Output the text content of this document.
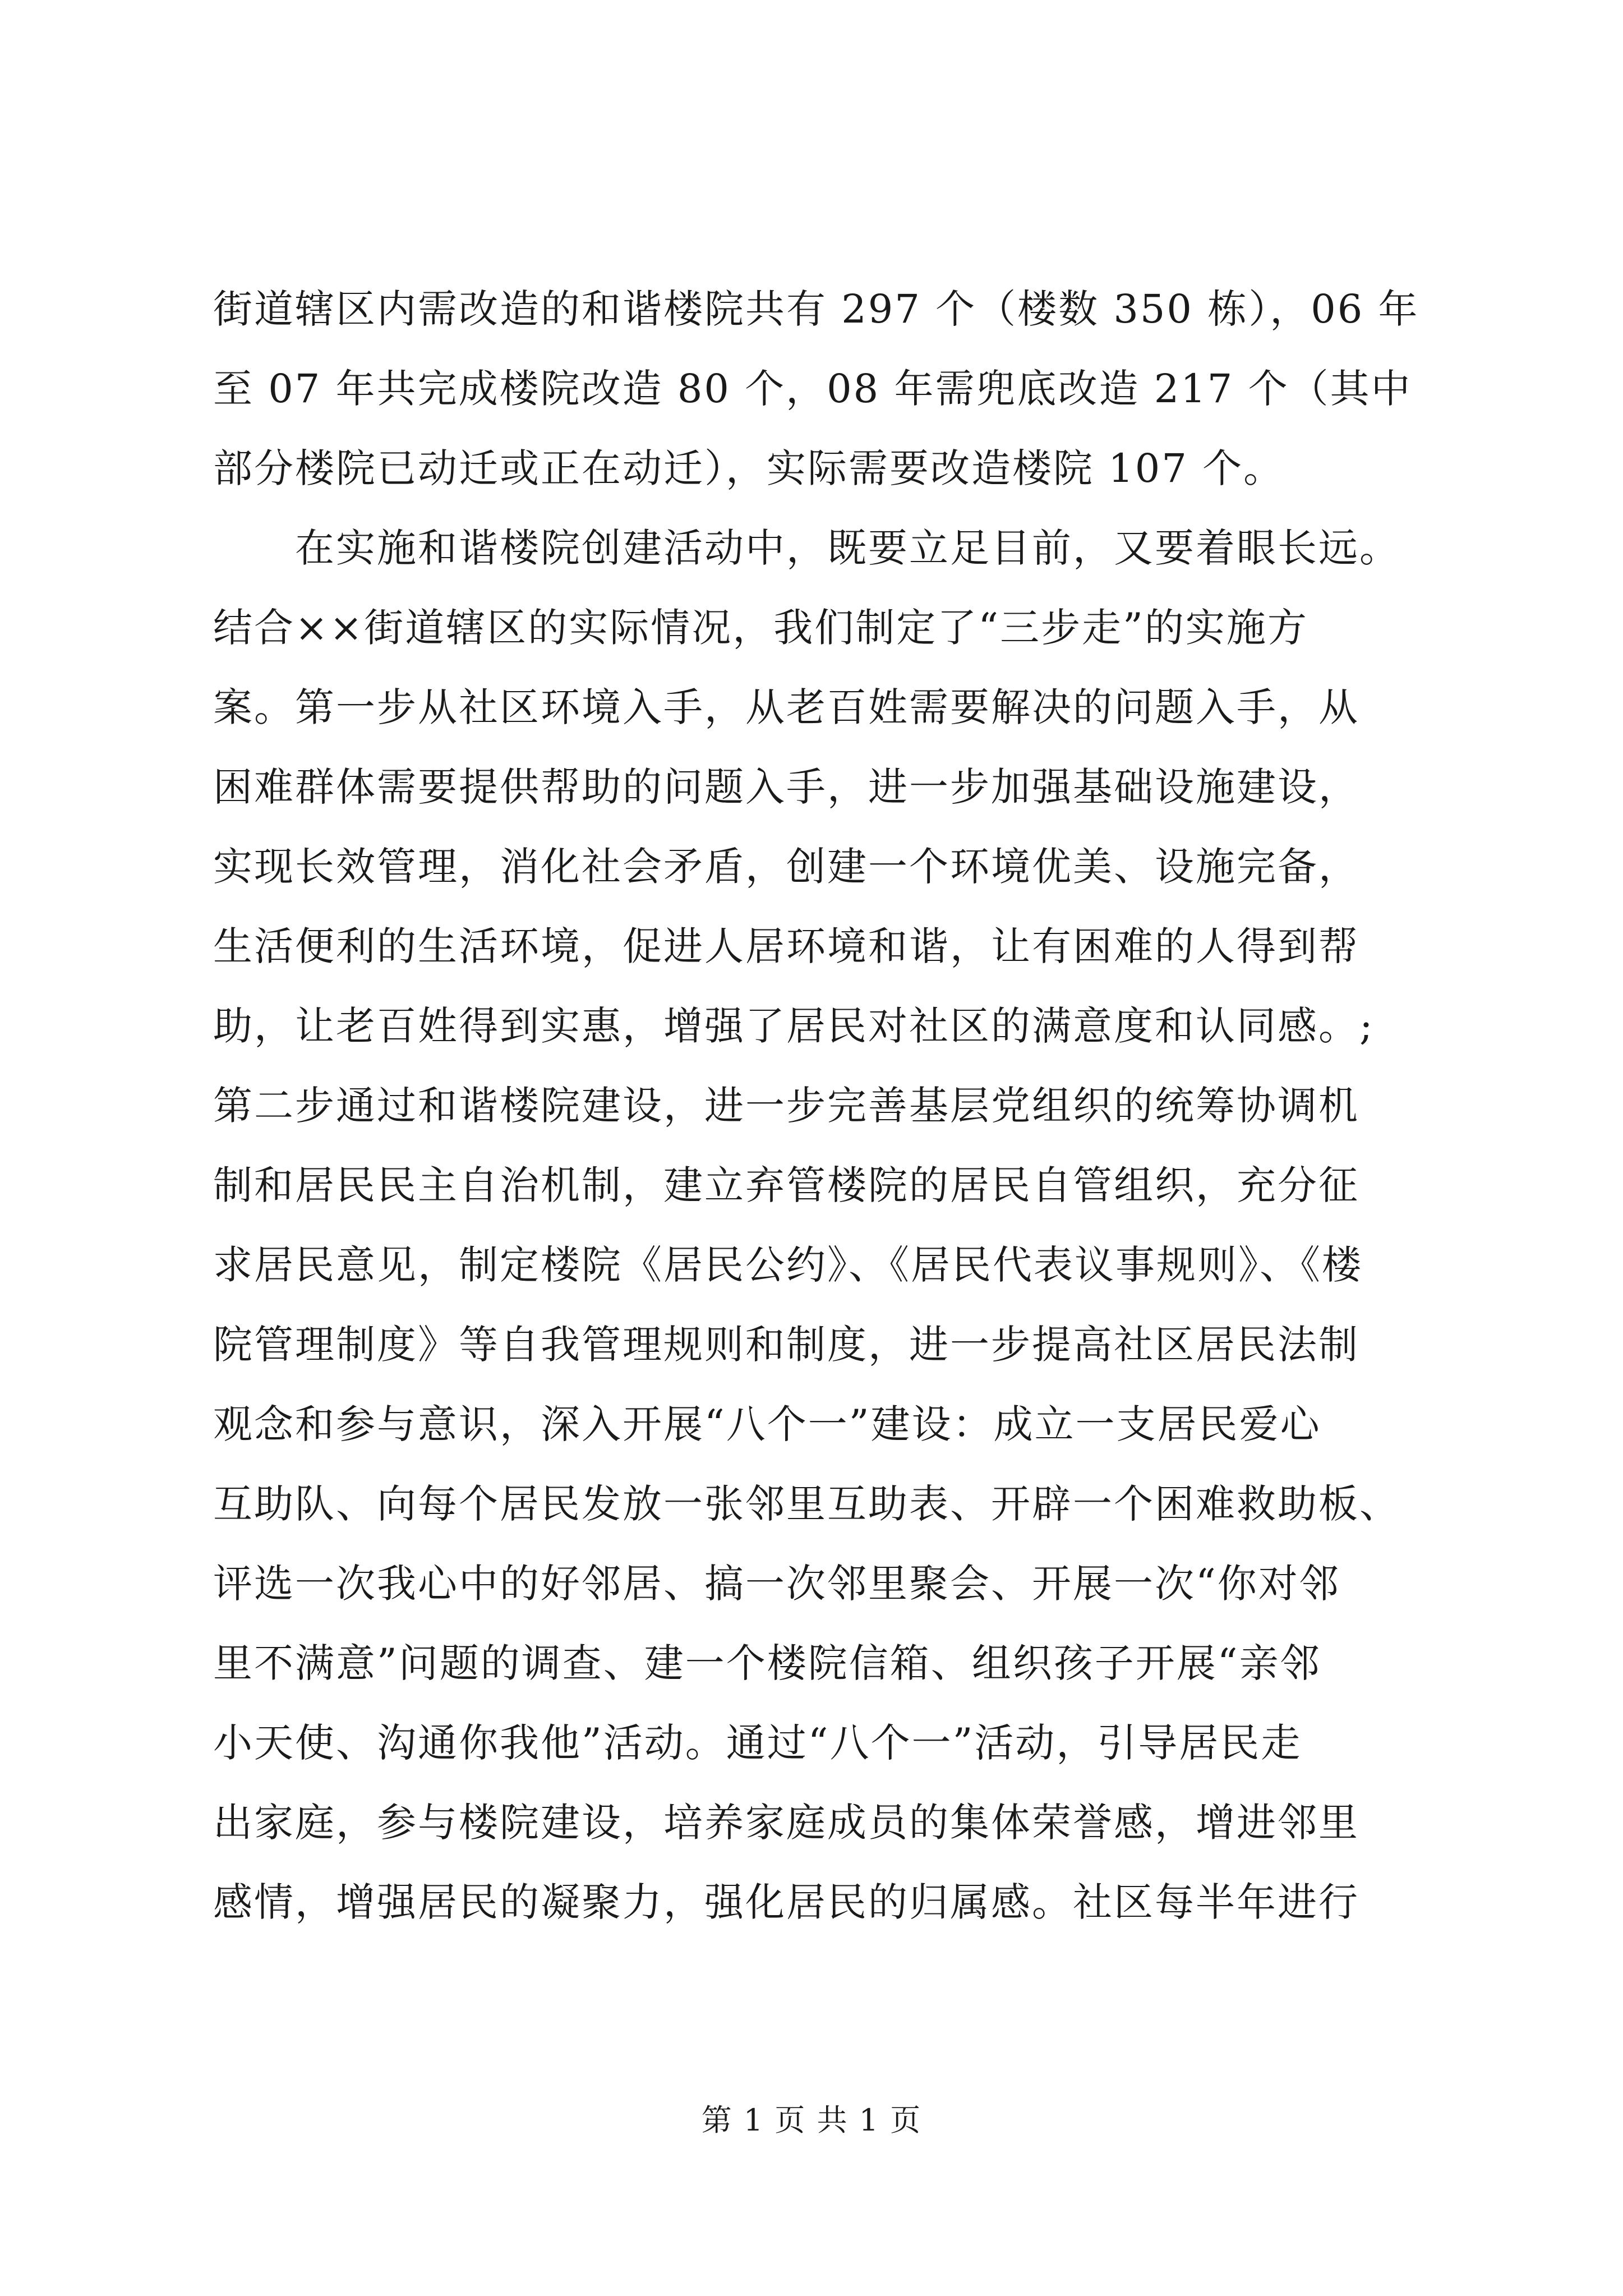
街道辖区内需改造的和谐楼院共有 297 个（楼数 350 栋），06 年
至 07 年共完成楼院改造 80 个，08 年需兜底改造 217 个（其中
部分楼院已动迁或正在动迁），实际需要改造楼院 107 个。
　　在实施和谐楼院创建活动中，既要立足目前，又要着眼长远。
结合××街道辖区的实际情况，我们制定了“三步走”的实施方
案。第一步从社区环境入手，从老百姓需要解决的问题入手，从
困难群体需要提供帮助的问题入手，进一步加强基础设施建设，
实现长效管理，消化社会矛盾，创建一个环境优美、设施完备，
生活便利的生活环境，促进人居环境和谐，让有困难的人得到帮
助，让老百姓得到实惠，增强了居民对社区的满意度和认同感。;
第二步通过和谐楼院建设，进一步完善基层党组织的统筹协调机
制和居民民主自治机制，建立弃管楼院的居民自管组织，充分征
求居民意见，制定楼院《居民公约》、《居民代表议事规则》、《楼
院管理制度》等自我管理规则和制度，进一步提高社区居民法制
观念和参与意识，深入开展“八个一”建设：成立一支居民爱心
互助队、向每个居民发放一张邻里互助表、开辟一个困难救助板、
评选一次我心中的好邻居、搞一次邻里聚会、开展一次“你对邻
里不满意”问题的调查、建一个楼院信箱、组织孩子开展“亲邻
小天使、沟通你我他”活动。通过“八个一”活动，引导居民走
出家庭，参与楼院建设，培养家庭成员的集体荣誉感，增进邻里
感情，增强居民的凝聚力，强化居民的归属感。社区每半年进行
第 1 页 共 1 页
